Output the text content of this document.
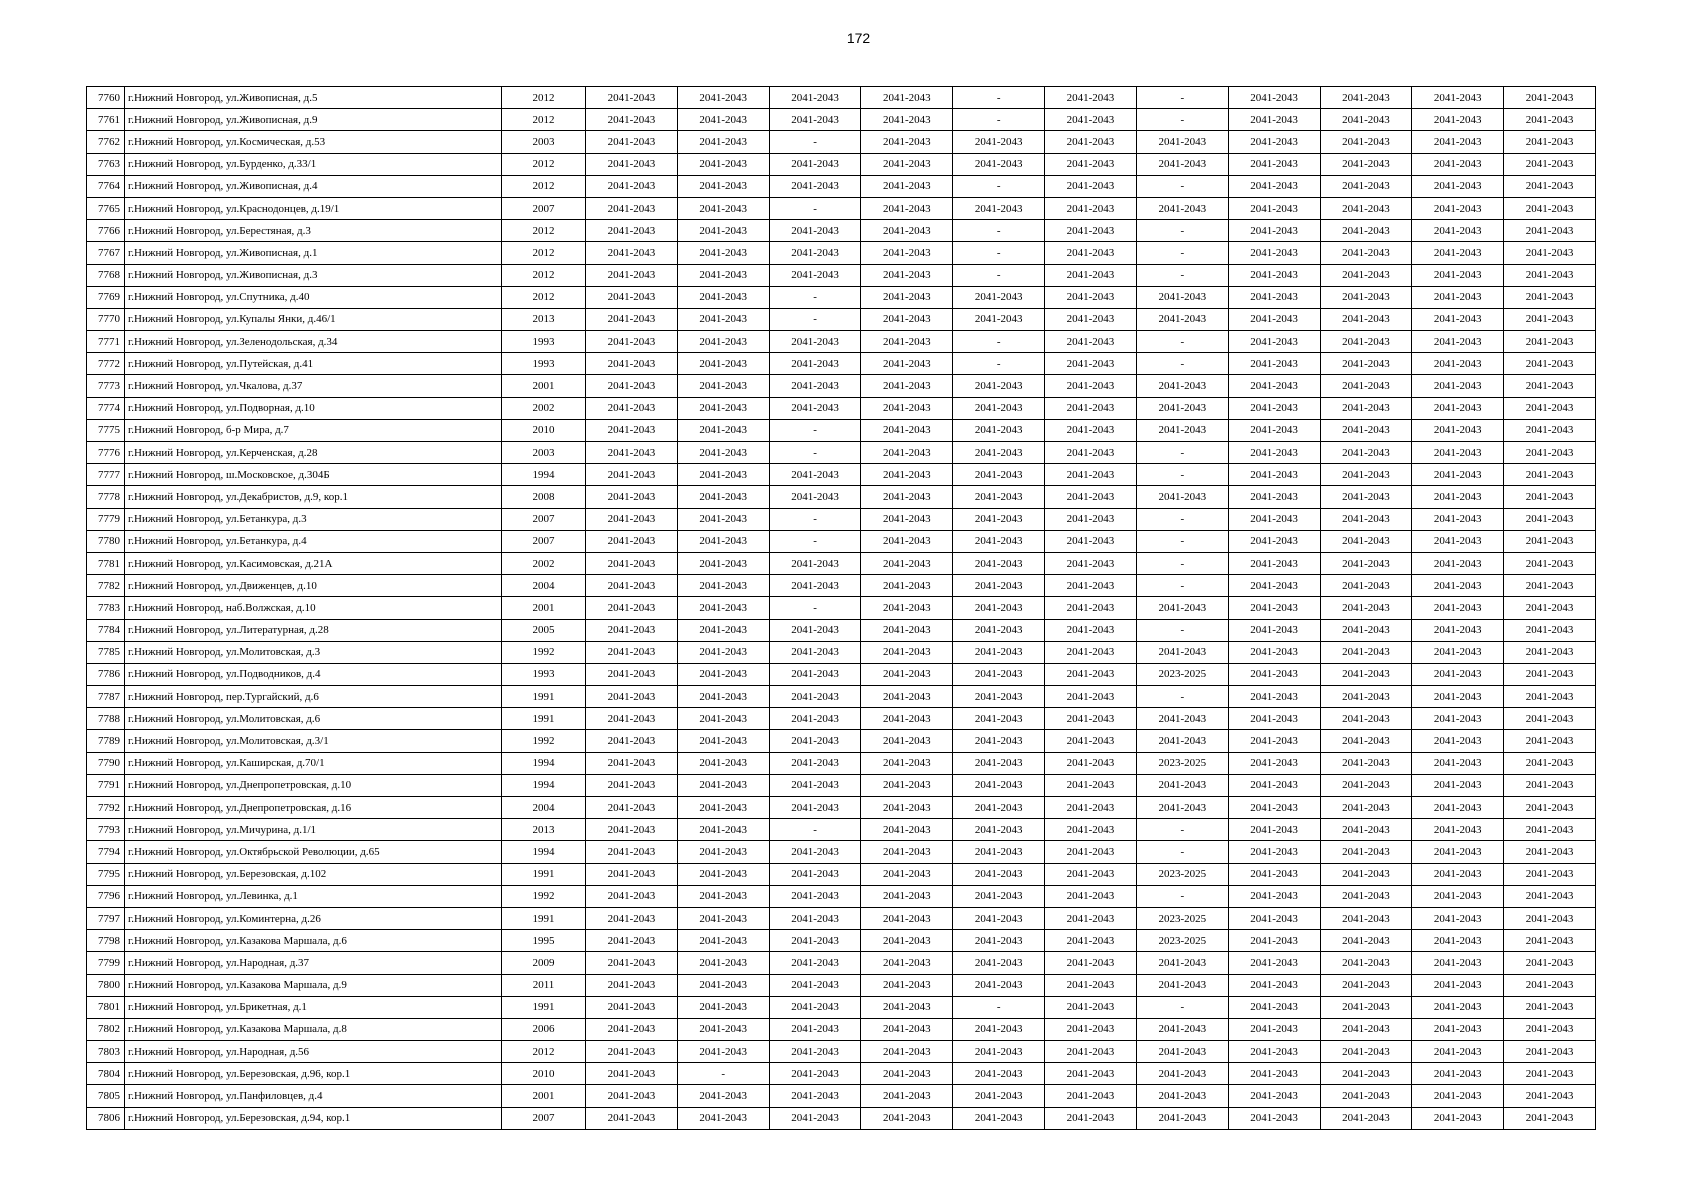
172
7760	г.Нижний Новгород, ул.Живописная, д.5	2012	2041-2043	2041-2043	2041-2043	2041-2043	-	2041-2043	-	2041-2043	2041-2043	2041-2043	2041-2043
7761	г.Нижний Новгород, ул.Живописная, д.9	2012	2041-2043	2041-2043	2041-2043	2041-2043	-	2041-2043	-	2041-2043	2041-2043	2041-2043	2041-2043
7762	г.Нижний Новгород, ул.Космическая, д.53	2003	2041-2043	2041-2043	-	2041-2043	2041-2043	2041-2043	2041-2043	2041-2043	2041-2043	2041-2043	2041-2043
7763	г.Нижний Новгород, ул.Бурденко, д.33/1	2012	2041-2043	2041-2043	2041-2043	2041-2043	2041-2043	2041-2043	2041-2043	2041-2043	2041-2043	2041-2043	2041-2043
7764	г.Нижний Новгород, ул.Живописная, д.4	2012	2041-2043	2041-2043	2041-2043	2041-2043	-	2041-2043	-	2041-2043	2041-2043	2041-2043	2041-2043
7765	г.Нижний Новгород, ул.Краснодонцев, д.19/1	2007	2041-2043	2041-2043	-	2041-2043	2041-2043	2041-2043	2041-2043	2041-2043	2041-2043	2041-2043	2041-2043
7766	г.Нижний Новгород, ул.Берестяная, д.3	2012	2041-2043	2041-2043	2041-2043	2041-2043	-	2041-2043	-	2041-2043	2041-2043	2041-2043	2041-2043
7767	г.Нижний Новгород, ул.Живописная, д.1	2012	2041-2043	2041-2043	2041-2043	2041-2043	-	2041-2043	-	2041-2043	2041-2043	2041-2043	2041-2043
7768	г.Нижний Новгород, ул.Живописная, д.3	2012	2041-2043	2041-2043	2041-2043	2041-2043	-	2041-2043	-	2041-2043	2041-2043	2041-2043	2041-2043
7769	г.Нижний Новгород, ул.Спутника, д.40	2012	2041-2043	2041-2043	-	2041-2043	2041-2043	2041-2043	2041-2043	2041-2043	2041-2043	2041-2043	2041-2043
7770	г.Нижний Новгород, ул.Купалы Янки, д.46/1	2013	2041-2043	2041-2043	-	2041-2043	2041-2043	2041-2043	2041-2043	2041-2043	2041-2043	2041-2043	2041-2043
7771	г.Нижний Новгород, ул.Зеленодольская, д.34	1993	2041-2043	2041-2043	2041-2043	2041-2043	-	2041-2043	-	2041-2043	2041-2043	2041-2043	2041-2043
7772	г.Нижний Новгород, ул.Путейская, д.41	1993	2041-2043	2041-2043	2041-2043	2041-2043	-	2041-2043	-	2041-2043	2041-2043	2041-2043	2041-2043
7773	г.Нижний Новгород, ул.Чкалова, д.37	2001	2041-2043	2041-2043	2041-2043	2041-2043	2041-2043	2041-2043	2041-2043	2041-2043	2041-2043	2041-2043	2041-2043
7774	г.Нижний Новгород, ул.Подворная, д.10	2002	2041-2043	2041-2043	2041-2043	2041-2043	2041-2043	2041-2043	2041-2043	2041-2043	2041-2043	2041-2043	2041-2043
7775	г.Нижний Новгород, б-р Мира, д.7	2010	2041-2043	2041-2043	-	2041-2043	2041-2043	2041-2043	2041-2043	2041-2043	2041-2043	2041-2043	2041-2043
7776	г.Нижний Новгород, ул.Керченская, д.28	2003	2041-2043	2041-2043	-	2041-2043	2041-2043	2041-2043	-	2041-2043	2041-2043	2041-2043	2041-2043
7777	г.Нижний Новгород, ш.Московское, д.304Б	1994	2041-2043	2041-2043	2041-2043	2041-2043	2041-2043	2041-2043	-	2041-2043	2041-2043	2041-2043	2041-2043
7778	г.Нижний Новгород, ул.Декабристов, д.9, кор.1	2008	2041-2043	2041-2043	2041-2043	2041-2043	2041-2043	2041-2043	2041-2043	2041-2043	2041-2043	2041-2043	2041-2043
7779	г.Нижний Новгород, ул.Бетанкура, д.3	2007	2041-2043	2041-2043	-	2041-2043	2041-2043	2041-2043	-	2041-2043	2041-2043	2041-2043	2041-2043
7780	г.Нижний Новгород, ул.Бетанкура, д.4	2007	2041-2043	2041-2043	-	2041-2043	2041-2043	2041-2043	-	2041-2043	2041-2043	2041-2043	2041-2043
7781	г.Нижний Новгород, ул.Касимовская, д.21А	2002	2041-2043	2041-2043	2041-2043	2041-2043	2041-2043	2041-2043	-	2041-2043	2041-2043	2041-2043	2041-2043
7782	г.Нижний Новгород, ул.Движенцев, д.10	2004	2041-2043	2041-2043	2041-2043	2041-2043	2041-2043	2041-2043	-	2041-2043	2041-2043	2041-2043	2041-2043
7783	г.Нижний Новгород, наб.Волжская, д.10	2001	2041-2043	2041-2043	-	2041-2043	2041-2043	2041-2043	2041-2043	2041-2043	2041-2043	2041-2043	2041-2043
7784	г.Нижний Новгород, ул.Литературная, д.28	2005	2041-2043	2041-2043	2041-2043	2041-2043	2041-2043	2041-2043	-	2041-2043	2041-2043	2041-2043	2041-2043
7785	г.Нижний Новгород, ул.Молитовская, д.3	1992	2041-2043	2041-2043	2041-2043	2041-2043	2041-2043	2041-2043	2041-2043	2041-2043	2041-2043	2041-2043	2041-2043
7786	г.Нижний Новгород, ул.Подводников, д.4	1993	2041-2043	2041-2043	2041-2043	2041-2043	2041-2043	2041-2043	2023-2025	2041-2043	2041-2043	2041-2043	2041-2043
7787	г.Нижний Новгород, пер.Тургайский, д.6	1991	2041-2043	2041-2043	2041-2043	2041-2043	2041-2043	2041-2043	-	2041-2043	2041-2043	2041-2043	2041-2043
7788	г.Нижний Новгород, ул.Молитовская, д.6	1991	2041-2043	2041-2043	2041-2043	2041-2043	2041-2043	2041-2043	2041-2043	2041-2043	2041-2043	2041-2043	2041-2043
7789	г.Нижний Новгород, ул.Молитовская, д.3/1	1992	2041-2043	2041-2043	2041-2043	2041-2043	2041-2043	2041-2043	2041-2043	2041-2043	2041-2043	2041-2043	2041-2043
7790	г.Нижний Новгород, ул.Каширская, д.70/1	1994	2041-2043	2041-2043	2041-2043	2041-2043	2041-2043	2041-2043	2023-2025	2041-2043	2041-2043	2041-2043	2041-2043
7791	г.Нижний Новгород, ул.Днепропетровская, д.10	1994	2041-2043	2041-2043	2041-2043	2041-2043	2041-2043	2041-2043	2041-2043	2041-2043	2041-2043	2041-2043	2041-2043
7792	г.Нижний Новгород, ул.Днепропетровская, д.16	2004	2041-2043	2041-2043	2041-2043	2041-2043	2041-2043	2041-2043	2041-2043	2041-2043	2041-2043	2041-2043	2041-2043
7793	г.Нижний Новгород, ул.Мичурина, д.1/1	2013	2041-2043	2041-2043	-	2041-2043	2041-2043	2041-2043	-	2041-2043	2041-2043	2041-2043	2041-2043
7794	г.Нижний Новгород, ул.Октябрьской Революции, д.65	1994	2041-2043	2041-2043	2041-2043	2041-2043	2041-2043	2041-2043	-	2041-2043	2041-2043	2041-2043	2041-2043
7795	г.Нижний Новгород, ул.Березовская, д.102	1991	2041-2043	2041-2043	2041-2043	2041-2043	2041-2043	2041-2043	2023-2025	2041-2043	2041-2043	2041-2043	2041-2043
7796	г.Нижний Новгород, ул.Левинка, д.1	1992	2041-2043	2041-2043	2041-2043	2041-2043	2041-2043	2041-2043	-	2041-2043	2041-2043	2041-2043	2041-2043
7797	г.Нижний Новгород, ул.Коминтерна, д.26	1991	2041-2043	2041-2043	2041-2043	2041-2043	2041-2043	2041-2043	2023-2025	2041-2043	2041-2043	2041-2043	2041-2043
7798	г.Нижний Новгород, ул.Казакова Маршала, д.6	1995	2041-2043	2041-2043	2041-2043	2041-2043	2041-2043	2041-2043	2023-2025	2041-2043	2041-2043	2041-2043	2041-2043
7799	г.Нижний Новгород, ул.Народная, д.37	2009	2041-2043	2041-2043	2041-2043	2041-2043	2041-2043	2041-2043	2041-2043	2041-2043	2041-2043	2041-2043	2041-2043
7800	г.Нижний Новгород, ул.Казакова Маршала, д.9	2011	2041-2043	2041-2043	2041-2043	2041-2043	2041-2043	2041-2043	2041-2043	2041-2043	2041-2043	2041-2043	2041-2043
7801	г.Нижний Новгород, ул.Брикетная, д.1	1991	2041-2043	2041-2043	2041-2043	2041-2043	-	2041-2043	-	2041-2043	2041-2043	2041-2043	2041-2043
7802	г.Нижний Новгород, ул.Казакова Маршала, д.8	2006	2041-2043	2041-2043	2041-2043	2041-2043	2041-2043	2041-2043	2041-2043	2041-2043	2041-2043	2041-2043	2041-2043
7803	г.Нижний Новгород, ул.Народная, д.56	2012	2041-2043	2041-2043	2041-2043	2041-2043	2041-2043	2041-2043	2041-2043	2041-2043	2041-2043	2041-2043	2041-2043
7804	г.Нижний Новгород, ул.Березовская, д.96, кор.1	2010	2041-2043	-	2041-2043	2041-2043	2041-2043	2041-2043	2041-2043	2041-2043	2041-2043	2041-2043	2041-2043
7805	г.Нижний Новгород, ул.Панфиловцев, д.4	2001	2041-2043	2041-2043	2041-2043	2041-2043	2041-2043	2041-2043	2041-2043	2041-2043	2041-2043	2041-2043	2041-2043
7806	г.Нижний Новгород, ул.Березовская, д.94, кор.1	2007	2041-2043	2041-2043	2041-2043	2041-2043	2041-2043	2041-2043	2041-2043	2041-2043	2041-2043	2041-2043	2041-2043
